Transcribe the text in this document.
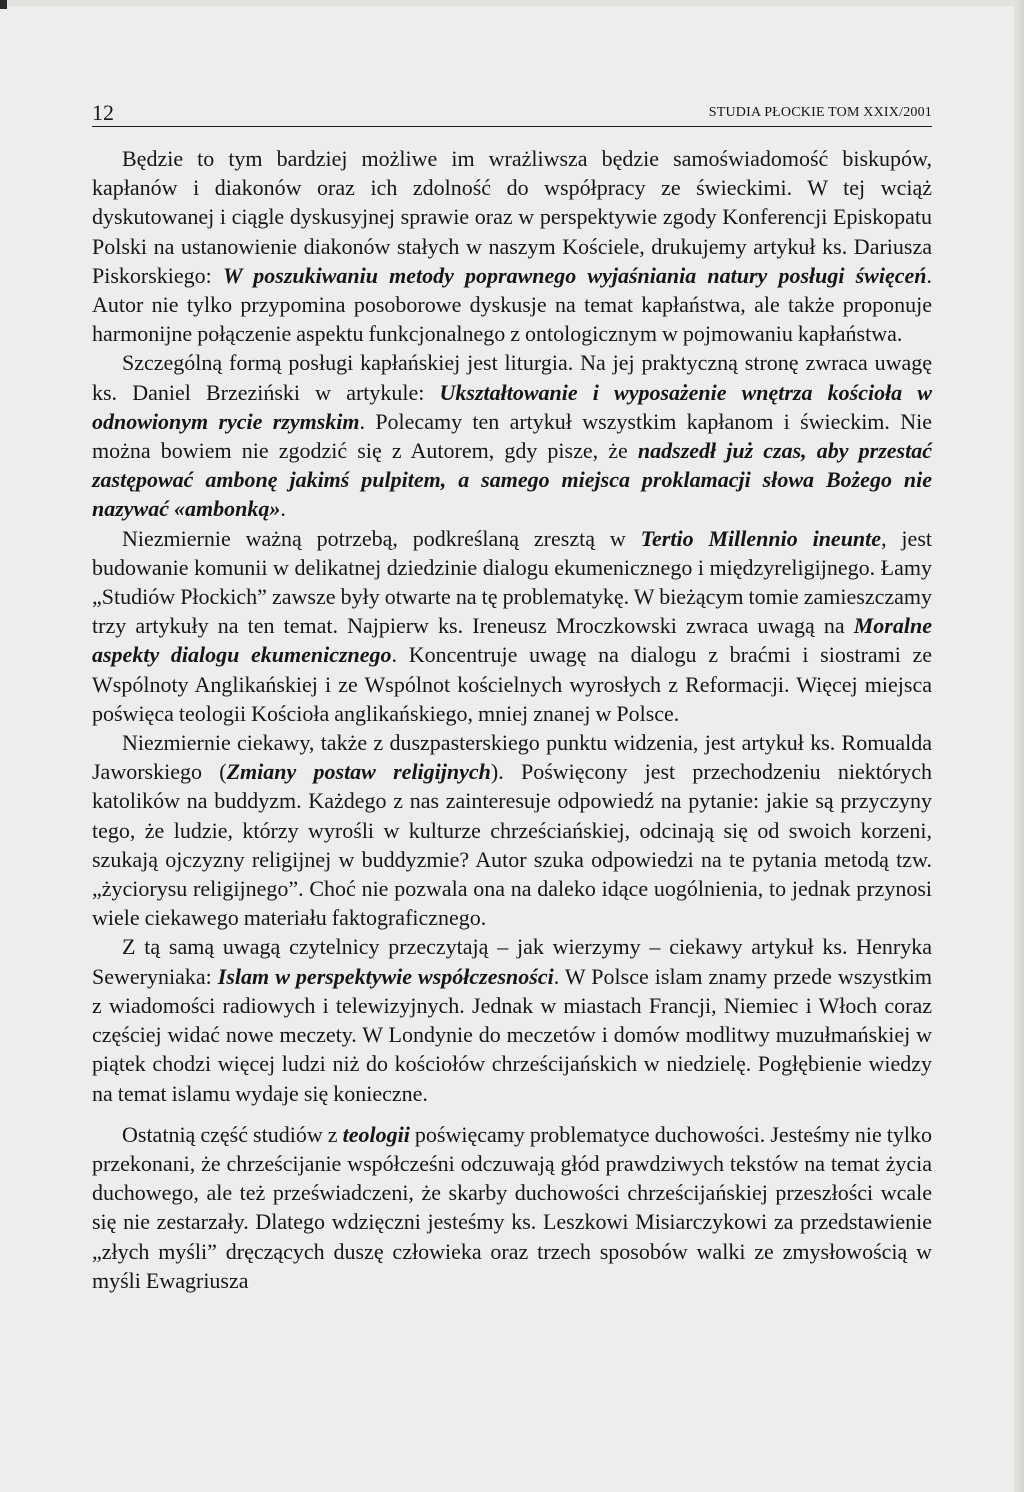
12	STUDIA PŁOCKIE TOM XXIX/2001

Będzie to tym bardziej możliwe im wrażliwsza będzie samoświadomość biskupów, kapłanów i diakonów oraz ich zdolność do współpracy ze świeckimi. W tej wciąż dyskutowanej i ciągle dyskusyjnej sprawie oraz w perspektywie zgody Konferencji Episkopatu Polski na ustanowienie diakonów stałych w naszym Kościele, drukujemy artykuł ks. Dariusza Piskorskiego: W poszukiwaniu metody poprawnego wyjaśniania natury posługi święceń. Autor nie tylko przypomina posoborowe dyskusje na temat kapłaństwa, ale także proponuje harmonijne połączenie aspektu funkcjonalnego z ontologicznym w pojmowaniu kapłaństwa.

Szczególną formą posługi kapłańskiej jest liturgia. Na jej praktyczną stronę zwraca uwagę ks. Daniel Brzeziński w artykule: Ukształtowanie i wyposażenie wnętrza kościoła w odnowionym rycie rzymskim. Polecamy ten artykuł wszystkim kapłanom i świeckim. Nie można bowiem nie zgodzić się z Autorem, gdy pisze, że nadszedł już czas, aby przestać zastępować ambonę jakimś pulpitem, a samego miejsca proklamacji słowa Bożego nie nazywać «ambonką».

Niezmiernie ważną potrzebą, podkreślaną zresztą w Tertio Millennio ineunte, jest budowanie komunii w delikatnej dziedzinie dialogu ekumenicznego i międzyreligijnego. Łamy „Studiów Płockich” zawsze były otwarte na tę problematykę. W bieżącym tomie zamieszczamy trzy artykuły na ten temat. Najpierw ks. Ireneusz Mroczkowski zwraca uwagą na Moralne aspekty dialogu ekumenicznego. Koncentruje uwagę na dialogu z braćmi i siostrami ze Wspólnoty Anglikańskiej i ze Wspólnot kościelnych wyrosłych z Reformacji. Więcej miejsca poświęca teologii Kościoła anglikańskiego, mniej znanej w Polsce.

Niezmiernie ciekawy, także z duszpasterskiego punktu widzenia, jest artykuł ks. Romualda Jaworskiego (Zmiany postaw religijnych). Poświęcony jest przechodzeniu niektórych katolików na buddyzm. Każdego z nas zainteresuje odpowiedź na pytanie: jakie są przyczyny tego, że ludzie, którzy wyrośli w kulturze chrześciańskiej, odcinają się od swoich korzeni, szukają ojczyzny religijnej w buddyzmie? Autor szuka odpowiedzi na te pytania metodą tzw. „życiorysu religijnego”. Choć nie pozwala ona na daleko idące uogólnienia, to jednak przynosi wiele ciekawego materiału faktograficznego.

Z tą samą uwagą czytelnicy przeczytają – jak wierzymy – ciekawy artykuł ks. Henryka Seweryniaka: Islam w perspektywie współczesności. W Polsce islam znamy przede wszystkim z wiadomości radiowych i telewizyjnych. Jednak w miastach Francji, Niemiec i Włoch coraz częściej widać nowe meczety. W Londynie do meczetów i domów modlitwy muzułmańskiej w piątek chodzi więcej ludzi niż do kościołów chrześcijańskich w niedzielę. Pogłębienie wiedzy na temat islamu wydaje się konieczne.

Ostatnią część studiów z teologii poświęcamy problematyce duchowości. Jesteśmy nie tylko przekonani, że chrześcijanie współcześni odczuwają głód prawdziwych tekstów na temat życia duchowego, ale też przeświadczeni, że skarby duchowości chrześcijańskiej przeszłości wcale się nie zestarzały. Dlatego wdzięczni jesteśmy ks. Leszkowi Misiarczykowi za przedstawienie „złych myśli” dręczących duszę człowieka oraz trzech sposobów walki ze zmysłowością w myśli Ewagriusza
